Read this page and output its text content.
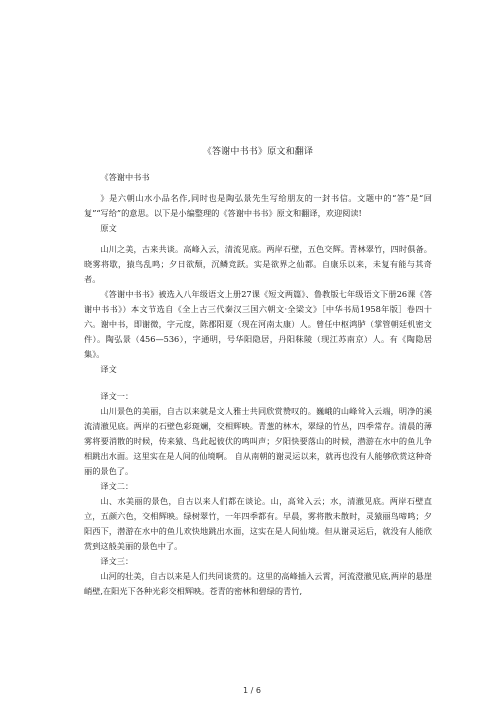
《答谢中书书》原文和翻译

《答谢中书书

》是六朝山水小品名作,同时也是陶弘景先生写给朋友的一封书信。文题中的“答”是“回复”“写给”的意思。以下是小编整理的《答谢中书书》原文和翻译，欢迎阅读!

原文

山川之美，古来共谈。高峰入云，清流见底。两岸石壁，五色交辉。青林翠竹，四时俱备。晓雾将歇，猿鸟乱鸣；夕日欲颓，沉鳞竞跃。实是欲界之仙都。自康乐以来，未复有能与其奇者。

《答谢中书书》被选入八年级语文上册27课《短文两篇》、鲁教版七年级语文下册26课《答谢中书书》）本文节选自《全上古三代秦汉三国六朝文·全梁文》［中华书局1958年版］卷四十六。谢中书，即谢微，字元度，陈郡阳夏（现在河南太康）人。曾任中枢鸿胪（掌管朝廷机密文件）。陶弘景（456—536），字通明，号华阳隐居，丹阳秣陵（现江苏南京）人。有《陶隐居集》。

译文

译文一：

山川景色的美丽，自古以来就是文人雅士共同欣赏赞叹的。巍峨的山峰耸入云端，明净的溪流清澈见底。两岸的石壁色彩斑斓，交相辉映。青葱的林木，翠绿的竹丛，四季常存。清晨的薄雾将要消散的时候，传来猿、鸟此起彼伏的鸣叫声；夕阳快要落山的时候，潜游在水中的鱼儿争相跳出水面。这里实在是人间的仙境啊。 自从南朝的谢灵运以来，就再也没有人能够欣赏这种奇丽的景色了。

译文二：

山、水美丽的景色，自古以来人们都在谈论。山，高耸入云；水，清澈见底。两岸石壁直立，五颜六色，交相辉映。绿树翠竹，一年四季都有。早晨，雾将散未散时，灵猿丽鸟啼鸣；夕阳西下，潜游在水中的鱼儿欢快地跳出水面，这实在是人间仙境。但从谢灵运后，就没有人能欣赏到这般美丽的景色中了。

译文三：

山河的壮美，自古以来是人们共同谈赏的。这里的高峰插入云霄，河流澄澈见底,两岸的悬崖峭壁,在阳光下各种光彩交相辉映。苍青的密林和碧绿的青竹,

1 / 6
